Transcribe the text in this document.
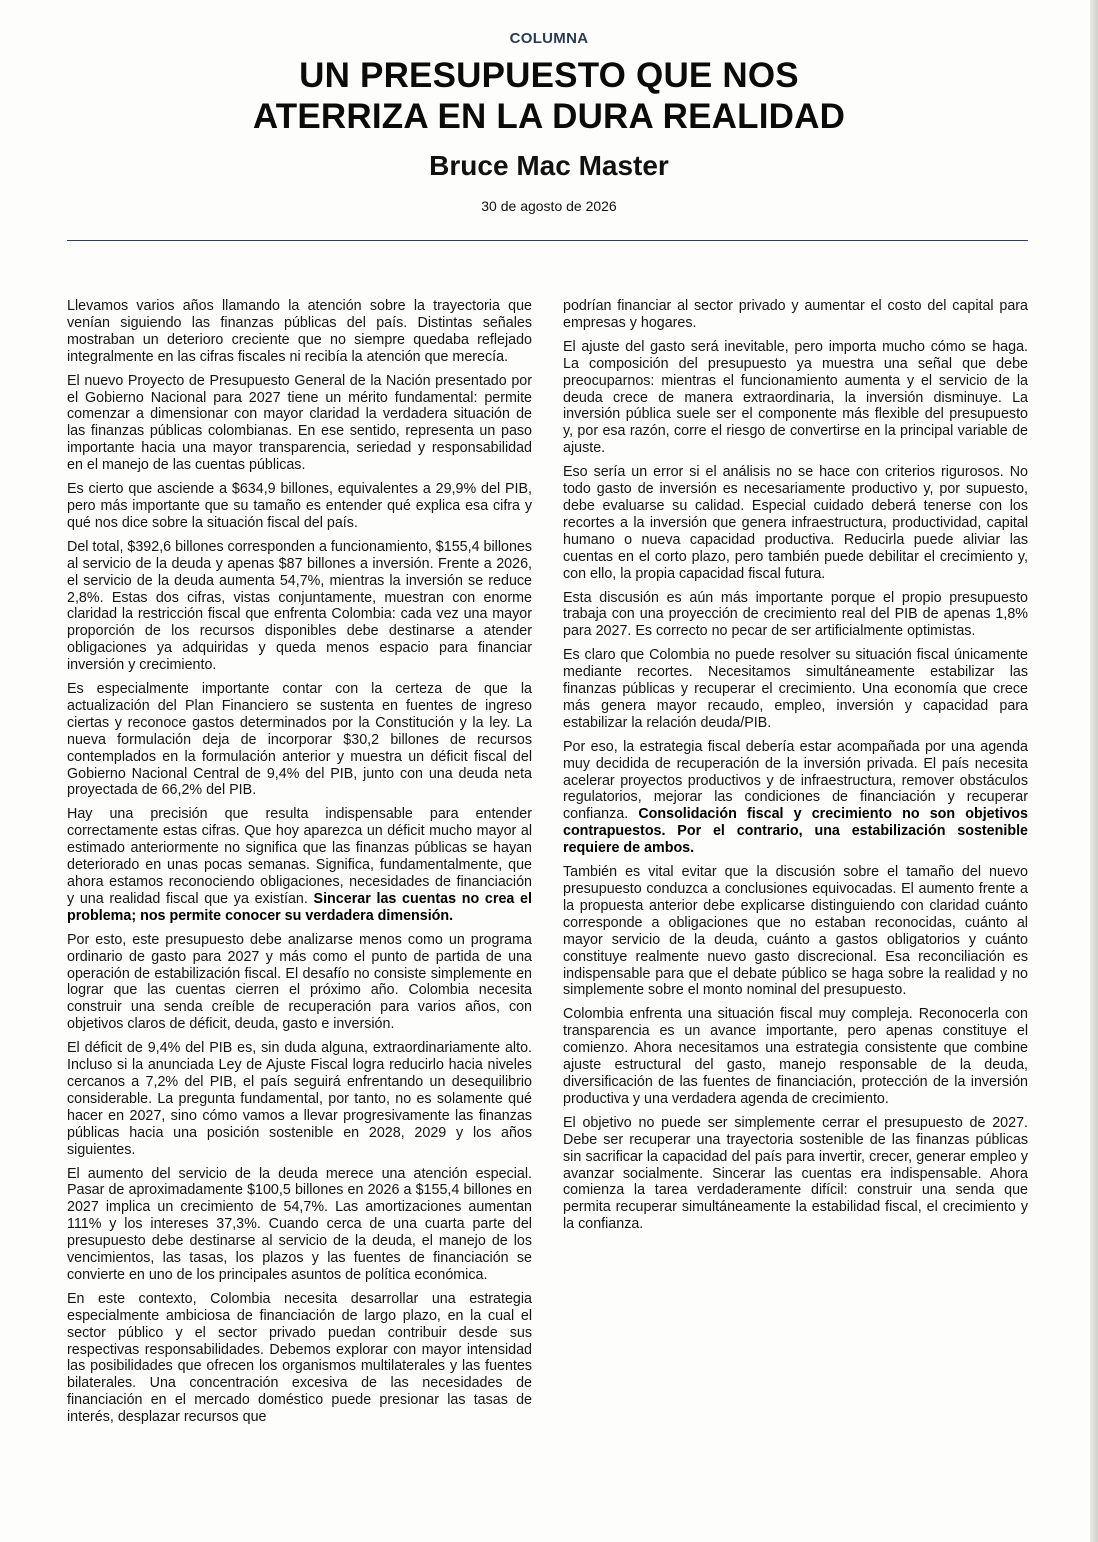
COLUMNA
UN PRESUPUESTO QUE NOS
ATERRIZA EN LA DURA REALIDAD
Bruce Mac Master
30 de agosto de 2026

Llevamos varios años llamando la atención sobre la trayectoria que venían siguiendo las finanzas públicas del país. Distintas señales mostraban un deterioro creciente que no siempre quedaba reflejado integralmente en las cifras fiscales ni recibía la atención que merecía.

El nuevo Proyecto de Presupuesto General de la Nación presentado por el Gobierno Nacional para 2027 tiene un mérito fundamental: permite comenzar a dimensionar con mayor claridad la verdadera situación de las finanzas públicas colombianas. En ese sentido, representa un paso importante hacia una mayor transparencia, seriedad y responsabilidad en el manejo de las cuentas públicas.

Es cierto que asciende a $634,9 billones, equivalentes a 29,9% del PIB, pero más importante que su tamaño es entender qué explica esa cifra y qué nos dice sobre la situación fiscal del país.

Del total, $392,6 billones corresponden a funcionamiento, $155,4 billones al servicio de la deuda y apenas $87 billones a inversión. Frente a 2026, el servicio de la deuda aumenta 54,7%, mientras la inversión se reduce 2,8%. Estas dos cifras, vistas conjuntamente, muestran con enorme claridad la restricción fiscal que enfrenta Colombia: cada vez una mayor proporción de los recursos disponibles debe destinarse a atender obligaciones ya adquiridas y queda menos espacio para financiar inversión y crecimiento.

Es especialmente importante contar con la certeza de que la actualización del Plan Financiero se sustenta en fuentes de ingreso ciertas y reconoce gastos determinados por la Constitución y la ley. La nueva formulación deja de incorporar $30,2 billones de recursos contemplados en la formulación anterior y muestra un déficit fiscal del Gobierno Nacional Central de 9,4% del PIB, junto con una deuda neta proyectada de 66,2% del PIB.

Hay una precisión que resulta indispensable para entender correctamente estas cifras. Que hoy aparezca un déficit mucho mayor al estimado anteriormente no significa que las finanzas públicas se hayan deteriorado en unas pocas semanas. Significa, fundamentalmente, que ahora estamos reconociendo obligaciones, necesidades de financiación y una realidad fiscal que ya existían. Sincerar las cuentas no crea el problema; nos permite conocer su verdadera dimensión.

Por esto, este presupuesto debe analizarse menos como un programa ordinario de gasto para 2027 y más como el punto de partida de una operación de estabilización fiscal. El desafío no consiste simplemente en lograr que las cuentas cierren el próximo año. Colombia necesita construir una senda creíble de recuperación para varios años, con objetivos claros de déficit, deuda, gasto e inversión.

El déficit de 9,4% del PIB es, sin duda alguna, extraordinariamente alto. Incluso si la anunciada Ley de Ajuste Fiscal logra reducirlo hacia niveles cercanos a 7,2% del PIB, el país seguirá enfrentando un desequilibrio considerable. La pregunta fundamental, por tanto, no es solamente qué hacer en 2027, sino cómo vamos a llevar progresivamente las finanzas públicas hacia una posición sostenible en 2028, 2029 y los años siguientes.

El aumento del servicio de la deuda merece una atención especial. Pasar de aproximadamente $100,5 billones en 2026 a $155,4 billones en 2027 implica un crecimiento de 54,7%. Las amortizaciones aumentan 111% y los intereses 37,3%. Cuando cerca de una cuarta parte del presupuesto debe destinarse al servicio de la deuda, el manejo de los vencimientos, las tasas, los plazos y las fuentes de financiación se convierte en uno de los principales asuntos de política económica.

En este contexto, Colombia necesita desarrollar una estrategia especialmente ambiciosa de financiación de largo plazo, en la cual el sector público y el sector privado puedan contribuir desde sus respectivas responsabilidades. Debemos explorar con mayor intensidad las posibilidades que ofrecen los organismos multilaterales y las fuentes bilaterales. Una concentración excesiva de las necesidades de financiación en el mercado doméstico puede presionar las tasas de interés, desplazar recursos que

podrían financiar al sector privado y aumentar el costo del capital para empresas y hogares.

El ajuste del gasto será inevitable, pero importa mucho cómo se haga. La composición del presupuesto ya muestra una señal que debe preocuparnos: mientras el funcionamiento aumenta y el servicio de la deuda crece de manera extraordinaria, la inversión disminuye. La inversión pública suele ser el componente más flexible del presupuesto y, por esa razón, corre el riesgo de convertirse en la principal variable de ajuste.

Eso sería un error si el análisis no se hace con criterios rigurosos. No todo gasto de inversión es necesariamente productivo y, por supuesto, debe evaluarse su calidad. Especial cuidado deberá tenerse con los recortes a la inversión que genera infraestructura, productividad, capital humano o nueva capacidad productiva. Reducirla puede aliviar las cuentas en el corto plazo, pero también puede debilitar el crecimiento y, con ello, la propia capacidad fiscal futura.

Esta discusión es aún más importante porque el propio presupuesto trabaja con una proyección de crecimiento real del PIB de apenas 1,8% para 2027. Es correcto no pecar de ser artificialmente optimistas.

Es claro que Colombia no puede resolver su situación fiscal únicamente mediante recortes. Necesitamos simultáneamente estabilizar las finanzas públicas y recuperar el crecimiento. Una economía que crece más genera mayor recaudo, empleo, inversión y capacidad para estabilizar la relación deuda/PIB.

Por eso, la estrategia fiscal debería estar acompañada por una agenda muy decidida de recuperación de la inversión privada. El país necesita acelerar proyectos productivos y de infraestructura, remover obstáculos regulatorios, mejorar las condiciones de financiación y recuperar confianza. Consolidación fiscal y crecimiento no son objetivos contrapuestos. Por el contrario, una estabilización sostenible requiere de ambos.

También es vital evitar que la discusión sobre el tamaño del nuevo presupuesto conduzca a conclusiones equivocadas. El aumento frente a la propuesta anterior debe explicarse distinguiendo con claridad cuánto corresponde a obligaciones que no estaban reconocidas, cuánto al mayor servicio de la deuda, cuánto a gastos obligatorios y cuánto constituye realmente nuevo gasto discrecional. Esa reconciliación es indispensable para que el debate público se haga sobre la realidad y no simplemente sobre el monto nominal del presupuesto.

Colombia enfrenta una situación fiscal muy compleja. Reconocerla con transparencia es un avance importante, pero apenas constituye el comienzo. Ahora necesitamos una estrategia consistente que combine ajuste estructural del gasto, manejo responsable de la deuda, diversificación de las fuentes de financiación, protección de la inversión productiva y una verdadera agenda de crecimiento.

El objetivo no puede ser simplemente cerrar el presupuesto de 2027. Debe ser recuperar una trayectoria sostenible de las finanzas públicas sin sacrificar la capacidad del país para invertir, crecer, generar empleo y avanzar socialmente. Sincerar las cuentas era indispensable. Ahora comienza la tarea verdaderamente difícil: construir una senda que permita recuperar simultáneamente la estabilidad fiscal, el crecimiento y la confianza.
